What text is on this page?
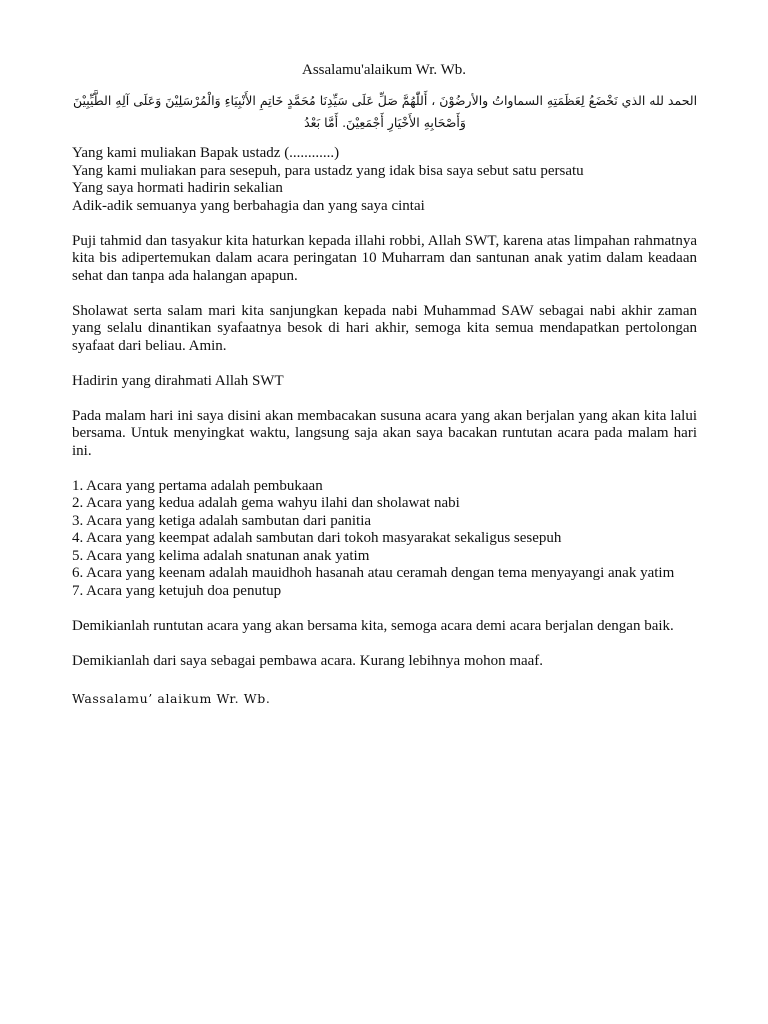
Assalamu'alaikum Wr. Wb.
الحمد لله الذي نَخْضَعُ لِعَظَمَتِهِ السماواتُ والأرضُوْنَ ، أَللّٰهُمَّ صَلِّ عَلَى سَيِّدِنَا مُحَمَّدٍ خَاتِمِ الأَنْبِيَاءِ وَالْمُرْسَلِيْنَ وَعَلَى آلِهِ الطَّيِّبِيْنَ وَأَصْحَابِهِ الأَخْيَارِ أَجْمَعِيْنَ. أَمَّا بَعْدُ
Yang kami muliakan Bapak ustadz (............)
Yang kami muliakan para sesepuh, para ustadz yang idak bisa saya sebut satu persatu
Yang saya hormati hadirin sekalian
Adik-adik semuanya yang berbahagia dan yang saya cintai

Puji tahmid dan tasyakur kita haturkan kepada illahi robbi, Allah SWT, karena atas limpahan rahmatnya kita bis adipertemukan dalam acara peringatan 10 Muharram dan santunan anak yatim dalam keadaan sehat dan tanpa ada halangan apapun.

Sholawat serta salam mari kita sanjungkan kepada nabi Muhammad SAW sebagai nabi akhir zaman yang selalu dinantikan syafaatnya besok di hari akhir, semoga kita semua mendapatkan pertolongan syafaat dari beliau. Amin.

Hadirin yang dirahmati Allah SWT

Pada malam hari ini saya disini akan membacakan susuna acara yang akan berjalan yang akan kita lalui bersama. Untuk menyingkat waktu, langsung saja akan saya bacakan runtutan acara pada malam hari ini.

1. Acara yang pertama adalah pembukaan

2. Acara yang kedua adalah gema wahyu ilahi dan sholawat nabi

3. Acara yang ketiga adalah sambutan dari panitia

4. Acara yang keempat adalah sambutan dari tokoh masyarakat sekaligus sesepuh

5. Acara yang kelima adalah snatunan anak yatim

6. Acara yang keenam adalah mauidhoh hasanah atau ceramah dengan tema menyayangi anak yatim

7. Acara yang ketujuh doa penutup

Demikianlah runtutan acara yang akan bersama kita, semoga acara demi acara berjalan dengan baik.

Demikianlah dari saya sebagai pembawa acara. Kurang lebihnya mohon maaf.

Wassalamu’ alaikum Wr. Wb.
